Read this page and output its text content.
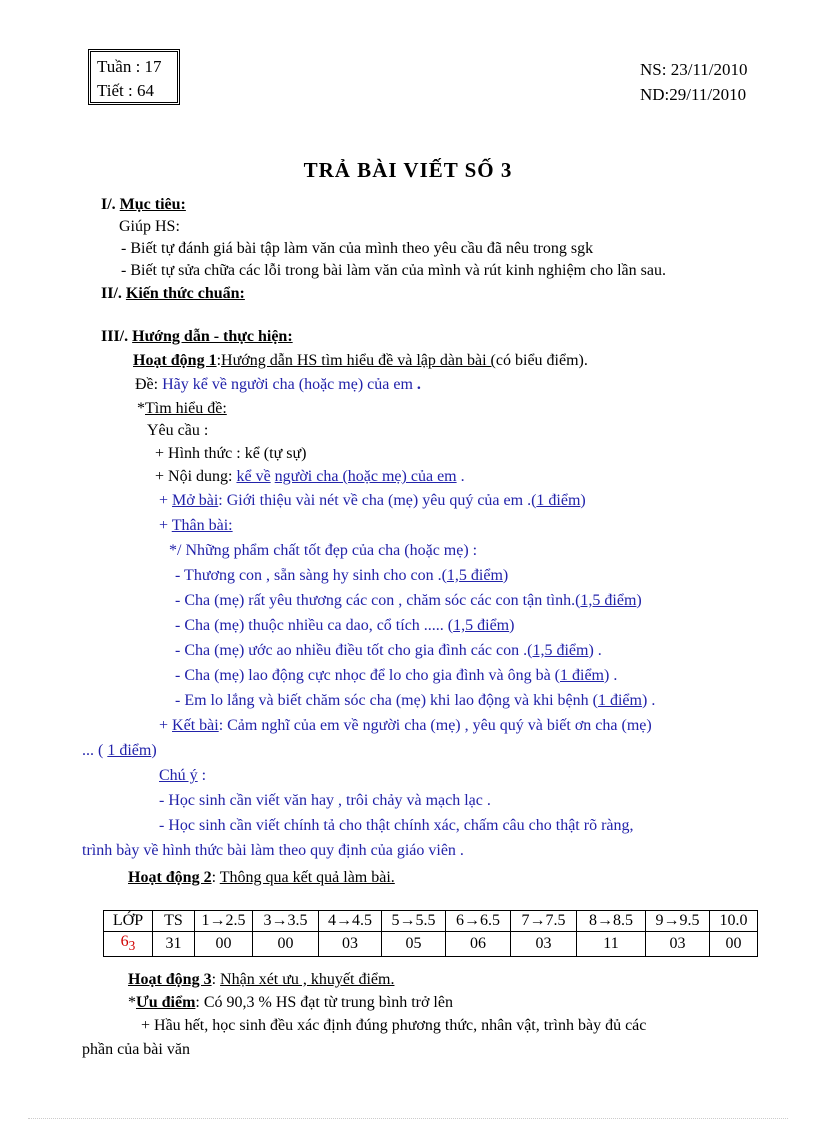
Tuần : 17
Tiết : 64
NS: 23/11/2010
ND:29/11/2010
TRẢ BÀI VIẾT SỐ 3
I/. Mục tiêu:
Giúp HS:
- Biết tự đánh giá bài tập làm văn của mình theo yêu cầu đã nêu trong sgk
- Biết tự sửa chữa các lỗi trong bài làm văn của mình và rút kinh nghiệm cho lần sau.
II/. Kiến thức chuẩn:
III/. Hướng dẫn - thực hiện:
Hoạt động 1:Hướng dẫn HS tìm hiểu đề và lập dàn bài (có biểu điểm).
Đề: Hãy kể về người cha (hoặc mẹ) của em .
*Tìm hiểu đề:
Yêu cầu :
+ Hình thức : kể (tự sự)
+ Nội dung: kể về người cha (hoặc mẹ) của em .
+ Mở bài: Giới thiệu vài nét về cha (mẹ) yêu quý của em .(1 điểm)
+ Thân bài:
*/ Những phẩm chất tốt đẹp của cha (hoặc mẹ) :
- Thương con , sẵn sàng hy sinh cho con .(1,5 điểm)
- Cha (mẹ) rất yêu thương các con , chăm sóc các con tận tình.(1,5 điểm)
- Cha (mẹ) thuộc nhiều ca dao, cổ tích ..... (1,5 điểm)
- Cha (mẹ) ước ao nhiều điều tốt cho gia đình các con .(1,5 điểm) .
- Cha (mẹ) lao động cực nhọc để lo cho gia đình và ông bà (1 điểm) .
- Em lo lắng và biết chăm sóc cha (mẹ) khi lao động và khi bệnh (1 điểm) .
+ Kết bài: Cảm nghĩ của em về người cha (mẹ) , yêu quý và biết ơn cha (mẹ)
... ( 1 điểm)
Chú ý :
- Học sinh cần viết văn hay , trôi chảy và mạch lạc .
- Học sinh cần viết chính tả cho thật chính xác, chấm câu cho thật rõ ràng,
trình bày về hình thức bài làm theo quy định của giáo viên .
Hoạt động 2: Thông qua kết quả làm bài.
LỚP	TS	1→2.5	3→3.5	4→4.5	5→5.5	6→6.5	7→7.5	8→8.5	9→9.5	10.0
$6_3$	31	00	00	03	05	06	03	11	03	00
Hoạt động 3: Nhận xét ưu , khuyết điểm.
*Ưu điểm: Có 90,3 % HS đạt từ trung bình trở lên
+ Hầu hết, học sinh đều xác định đúng phương thức, nhân vật, trình bày đủ các
phần của bài văn
